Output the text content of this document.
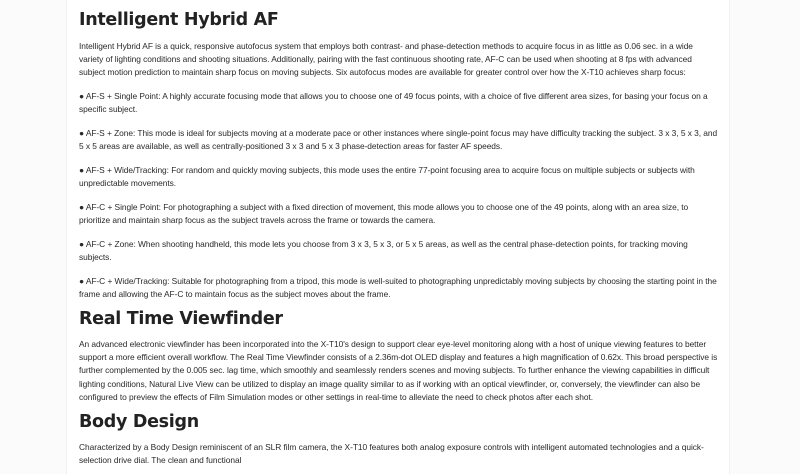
Intelligent Hybrid AF

Intelligent Hybrid AF is a quick, responsive autofocus system that employs both contrast- and phase-detection methods to acquire focus in as little as 0.06 sec. in a wide variety of lighting conditions and shooting situations. Additionally, pairing with the fast continuous shooting rate, AF-C can be used when shooting at 8 fps with advanced subject motion prediction to maintain sharp focus on moving subjects. Six autofocus modes are available for greater control over how the X-T10 achieves sharp focus:

● AF-S + Single Point: A highly accurate focusing mode that allows you to choose one of 49 focus points, with a choice of five different area sizes, for basing your focus on a specific subject.

● AF-S + Zone: This mode is ideal for subjects moving at a moderate pace or other instances where single-point focus may have difficulty tracking the subject. 3 x 3, 5 x 3, and 5 x 5 areas are available, as well as centrally-positioned 3 x 3 and 5 x 3 phase-detection areas for faster AF speeds.

● AF-S + Wide/Tracking: For random and quickly moving subjects, this mode uses the entire 77-point focusing area to acquire focus on multiple subjects or subjects with unpredictable movements.

● AF-C + Single Point: For photographing a subject with a fixed direction of movement, this mode allows you to choose one of the 49 points, along with an area size, to prioritize and maintain sharp focus as the subject travels across the frame or towards the camera.

● AF-C + Zone: When shooting handheld, this mode lets you choose from 3 x 3, 5 x 3, or 5 x 5 areas, as well as the central phase-detection points, for tracking moving subjects.

● AF-C + Wide/Tracking: Suitable for photographing from a tripod, this mode is well-suited to photographing unpredictably moving subjects by choosing the starting point in the frame and allowing the AF-C to maintain focus as the subject moves about the frame.

Real Time Viewfinder

An advanced electronic viewfinder has been incorporated into the X-T10's design to support clear eye-level monitoring along with a host of unique viewing features to better support a more efficient overall workflow. The Real Time Viewfinder consists of a 2.36m-dot OLED display and features a high magnification of 0.62x. This broad perspective is further complemented by the 0.005 sec. lag time, which smoothly and seamlessly renders scenes and moving subjects. To further enhance the viewing capabilities in difficult lighting conditions, Natural Live View can be utilized to display an image quality similar to as if working with an optical viewfinder, or, conversely, the viewfinder can also be configured to preview the effects of Film Simulation modes or other settings in real-time to alleviate the need to check photos after each shot.

Body Design

Characterized by a Body Design reminiscent of an SLR film camera, the X-T10 features both analog exposure controls with intelligent automated technologies and a quick-selection drive dial. The clean and functional
